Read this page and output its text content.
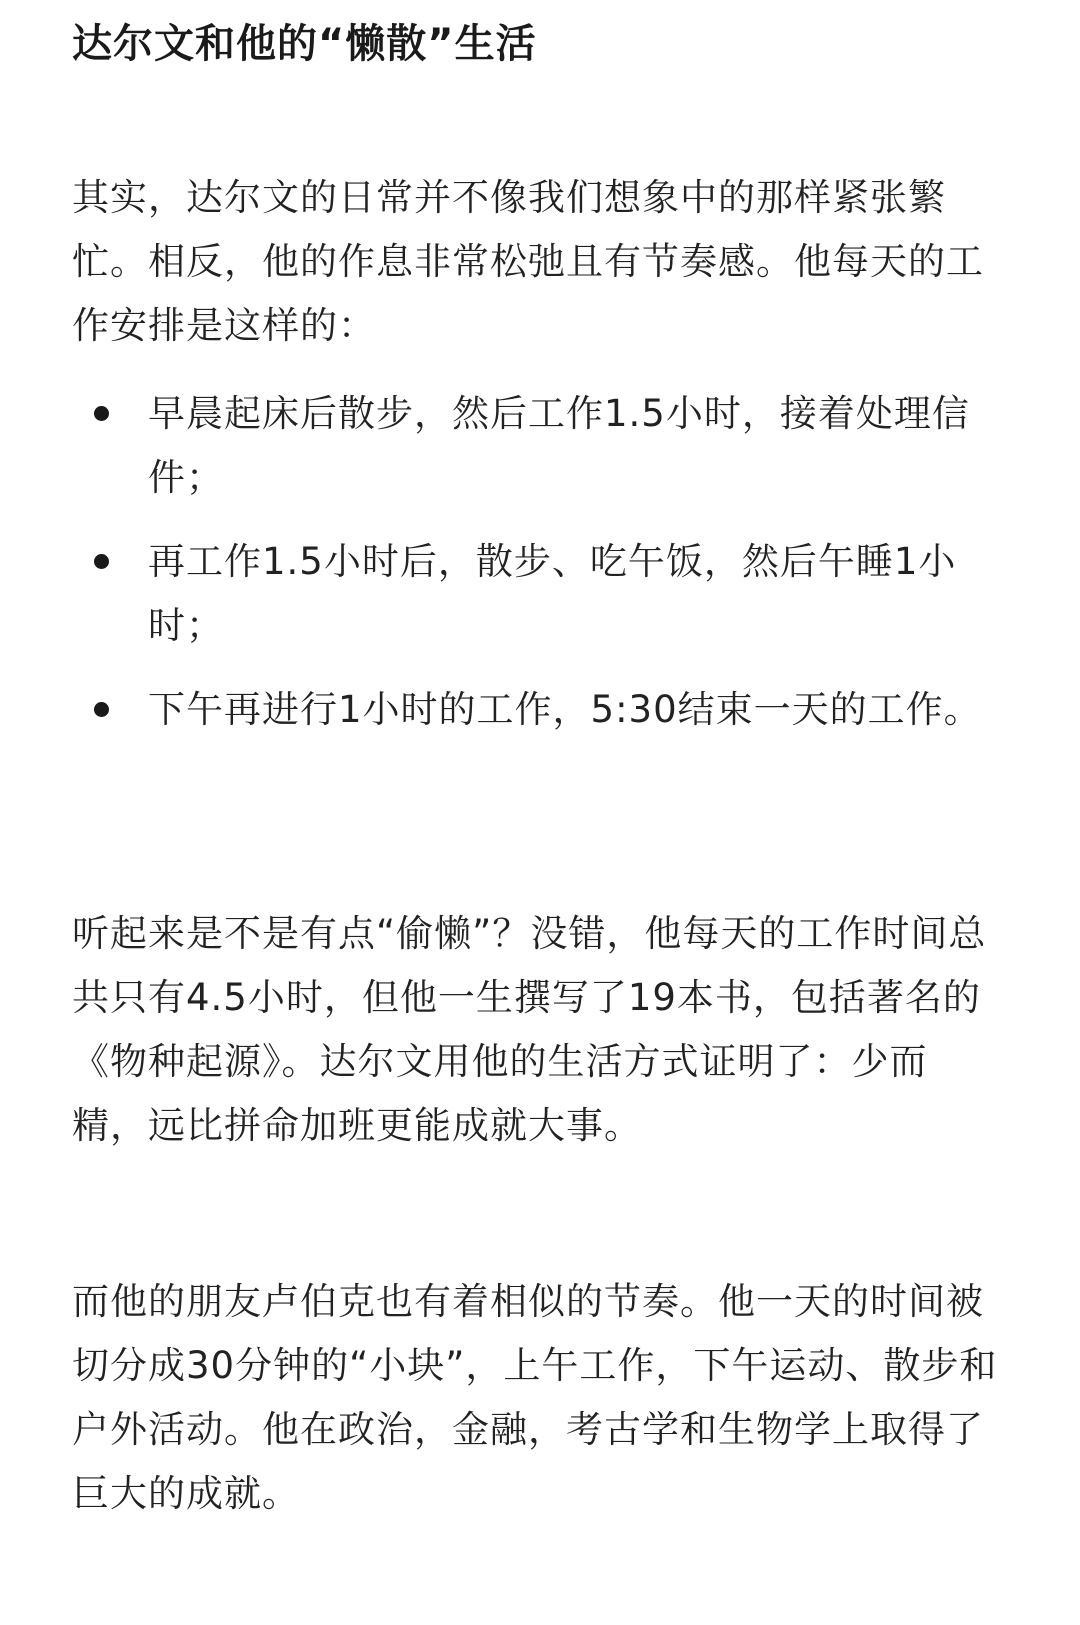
达尔文和他的“懒散”生活

其实，达尔文的日常并不像我们想象中的那样紧张繁忙。相反，他的作息非常松弛且有节奏感。他每天的工作安排是这样的：

早晨起床后散步，然后工作1.5小时，接着处理信件；
再工作1.5小时后，散步、吃午饭，然后午睡1小时；
下午再进行1小时的工作，5:30结束一天的工作。

听起来是不是有点“偷懒”？没错，他每天的工作时间总共只有4.5小时，但他一生撰写了19本书，包括著名的《物种起源》。达尔文用他的生活方式证明了：少而精，远比拼命加班更能成就大事。

而他的朋友卢伯克也有着相似的节奏。他一天的时间被切分成30分钟的“小块”，上午工作，下午运动、散步和户外活动。他在政治，金融，考古学和生物学上取得了巨大的成就。
